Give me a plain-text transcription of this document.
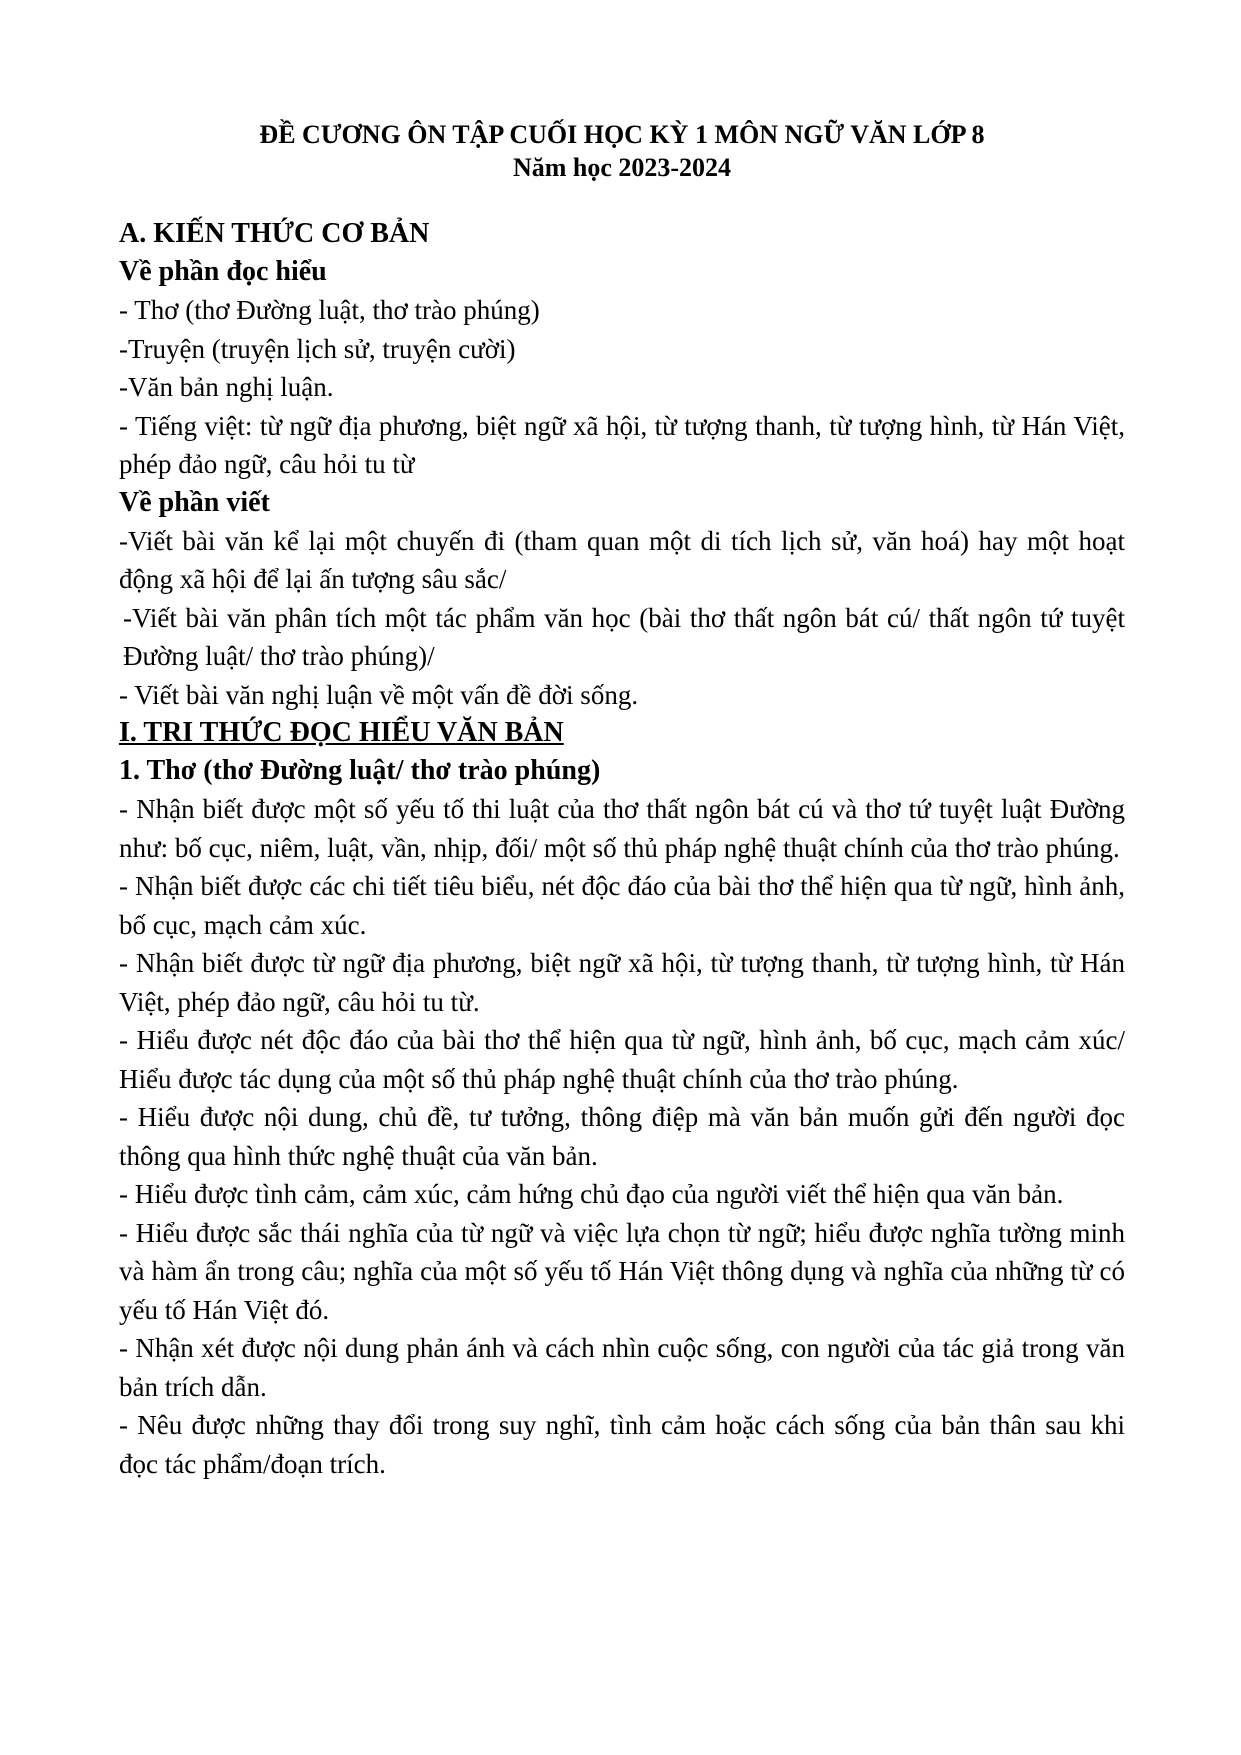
ĐỀ CƯƠNG ÔN TẬP CUỐI HỌC KỲ 1 MÔN NGỮ VĂN LỚP 8
Năm học 2023-2024
A. KIẾN THỨC CƠ BẢN
Về phần đọc hiểu
- Thơ (thơ Đường luật, thơ trào phúng)
-Truyện (truyện lịch sử, truyện cười)
-Văn bản nghị luận.
- Tiếng việt: từ ngữ địa phương, biệt ngữ xã hội, từ tượng thanh, từ tượng hình, từ Hán Việt, phép đảo ngữ, câu hỏi tu từ
Về phần viết
-Viết bài văn kể lại một chuyến đi (tham quan một di tích lịch sử, văn hoá) hay một hoạt động xã hội để lại ấn tượng sâu sắc/
-Viết bài văn phân tích một tác phẩm văn học (bài thơ thất ngôn bát cú/ thất ngôn tứ tuyệt Đường luật/ thơ trào phúng)/
- Viết bài văn nghị luận về một vấn đề đời sống.
I. TRI THỨC ĐỌC HIỂU VĂN BẢN
1. Thơ (thơ Đường luật/ thơ trào phúng)
- Nhận biết được một số yếu tố thi luật của thơ thất ngôn bát cú và thơ tứ tuyệt luật Đường như: bố cục, niêm, luật, vần, nhịp, đối/ một số thủ pháp nghệ thuật chính của thơ trào phúng.
- Nhận biết được các chi tiết tiêu biểu, nét độc đáo của bài thơ thể hiện qua từ ngữ, hình ảnh, bố cục, mạch cảm xúc.
- Nhận biết được từ ngữ địa phương, biệt ngữ xã hội, từ tượng thanh, từ tượng hình, từ Hán Việt, phép đảo ngữ, câu hỏi tu từ.
- Hiểu được nét độc đáo của bài thơ thể hiện qua từ ngữ, hình ảnh, bố cục, mạch cảm xúc/ Hiểu được tác dụng của một số thủ pháp nghệ thuật chính của thơ trào phúng.
- Hiểu được nội dung, chủ đề, tư tưởng, thông điệp mà văn bản muốn gửi đến người đọc thông qua hình thức nghệ thuật của văn bản.
- Hiểu được tình cảm, cảm xúc, cảm hứng chủ đạo của người viết thể hiện qua văn bản.
- Hiểu được sắc thái nghĩa của từ ngữ và việc lựa chọn từ ngữ; hiểu được nghĩa tường minh và hàm ẩn trong câu; nghĩa của một số yếu tố Hán Việt thông dụng và nghĩa của những từ có yếu tố Hán Việt đó.
- Nhận xét được nội dung phản ánh và cách nhìn cuộc sống, con người của tác giả trong văn bản trích dẫn.
- Nêu được những thay đổi trong suy nghĩ, tình cảm hoặc cách sống của bản thân sau khi đọc tác phẩm/đoạn trích.
